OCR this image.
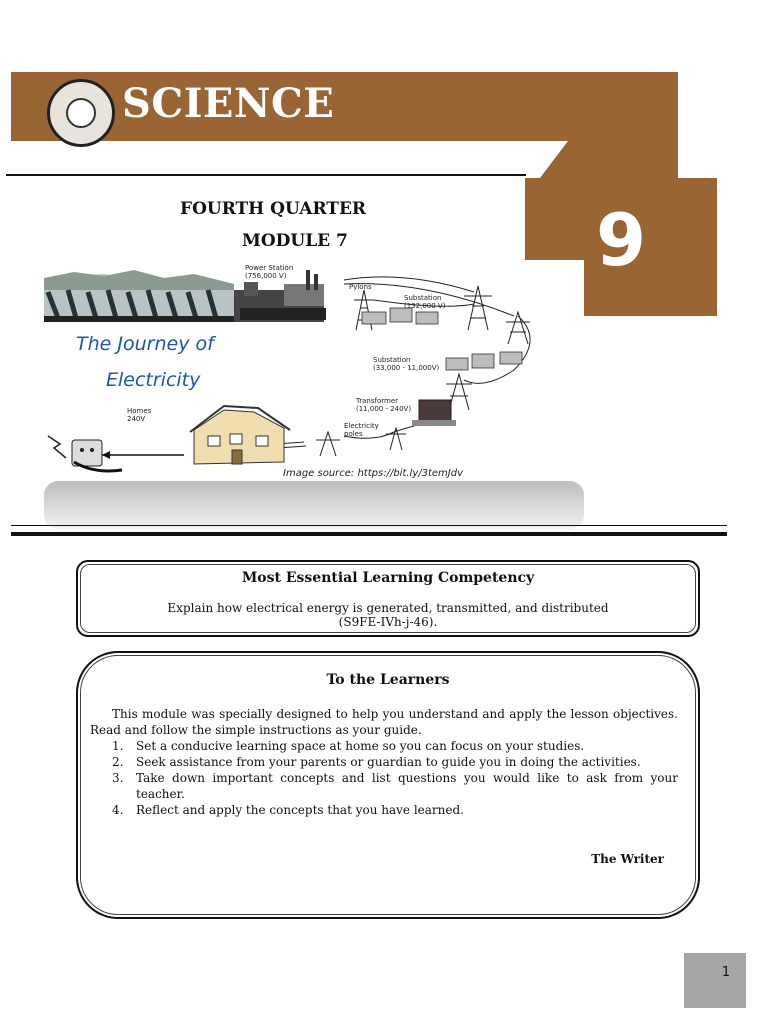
SCIENCE
9
FOURTH QUARTER
MODULE 7
The Journey of
Electricity
Power Station
(756,000 V)
Pylons
Substation
(132,000 V)
Substation
(33,000 - 11,000V)
Transformer
(11,000 - 240V)
Electricity
poles
Homes
240V
Image source: https://bit.ly/3temJdv
Most Essential Learning Competency
Explain how electrical energy is generated, transmitted, and distributed
(S9FE-IVh-j-46).
To the Learners

This module was specially designed to help you understand and apply the lesson objectives. Read and follow the simple instructions as your guide.

1. Set a conducive learning space at home so you can focus on your studies.
2. Seek assistance from your parents or guardian to guide you in doing the activities.
3. Take down important concepts and list questions you would like to ask from your teacher.
4. Reflect and apply the concepts that you have learned.
The Writer
1
